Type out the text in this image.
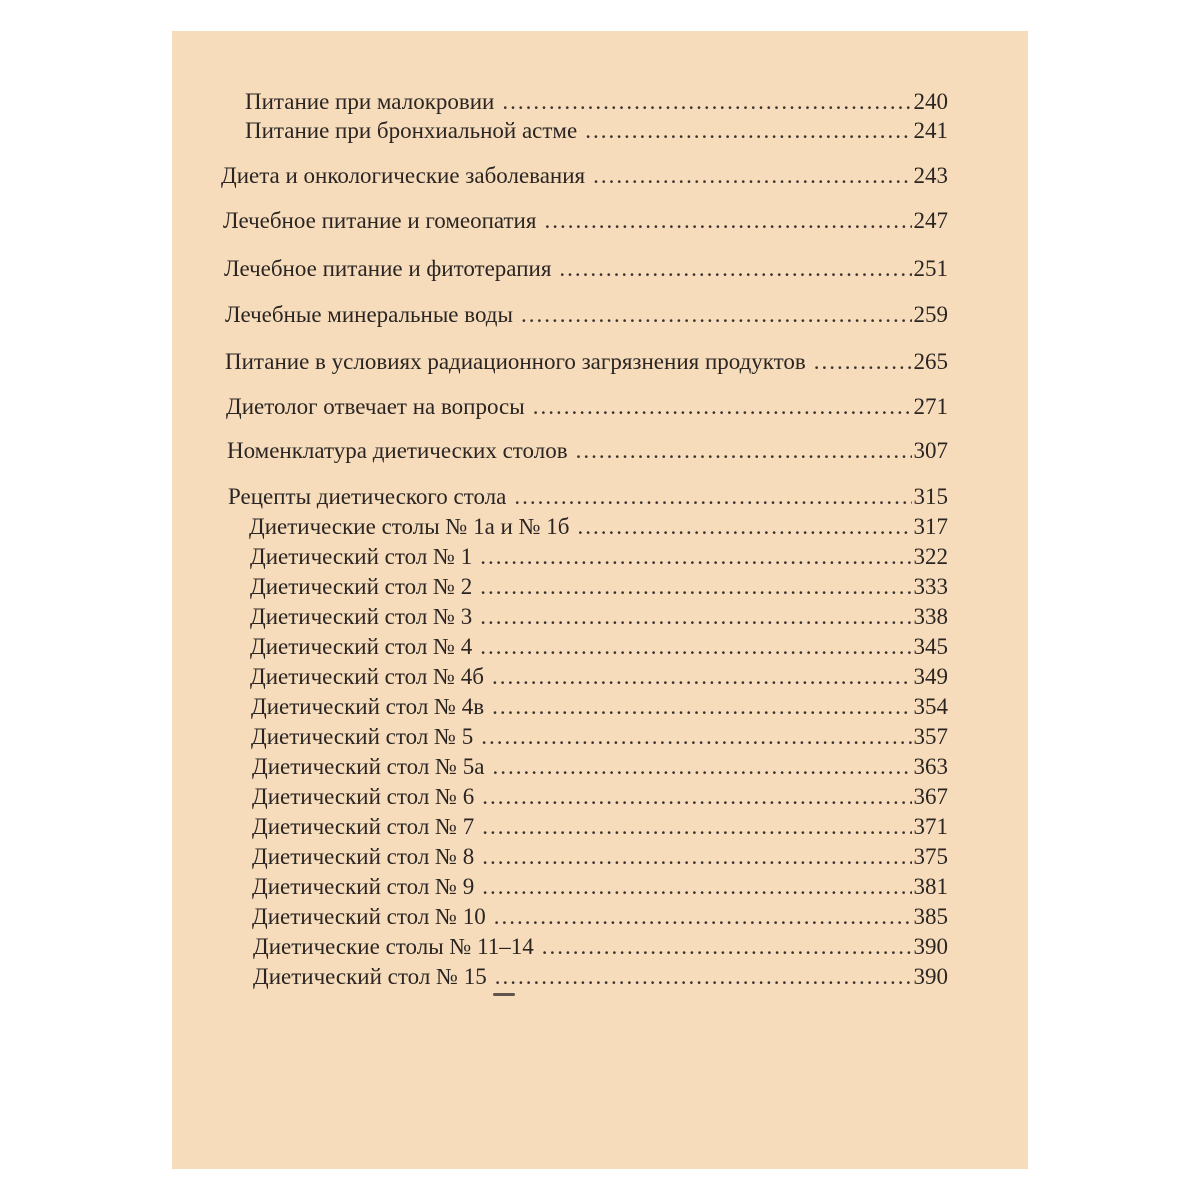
Питание при малокровии .....	240
Питание при бронхиальной астме .....	241
Диета и онкологические заболевания .....	243
Лечебное питание и гомеопатия .....	247
Лечебное питание и фитотерапия .....	251
Лечебные минеральные воды .....	259
Питание в условиях радиационного загрязнения продуктов .....	265
Диетолог отвечает на вопросы .....	271
Номенклатура диетических столов .....	307
Рецепты диетического стола .....	315
Диетические столы № 1а и № 1б .....	317
Диетический стол № 1 .....	322
Диетический стол № 2 .....	333
Диетический стол № 3 .....	338
Диетический стол № 4 .....	345
Диетический стол № 4б .....	349
Диетический стол № 4в .....	354
Диетический стол № 5 .....	357
Диетический стол № 5а .....	363
Диетический стол № 6 .....	367
Диетический стол № 7 .....	371
Диетический стол № 8 .....	375
Диетический стол № 9 .....	381
Диетический стол № 10 .....	385
Диетические столы № 11–14 .....	390
Диетический стол № 15 .....	390
